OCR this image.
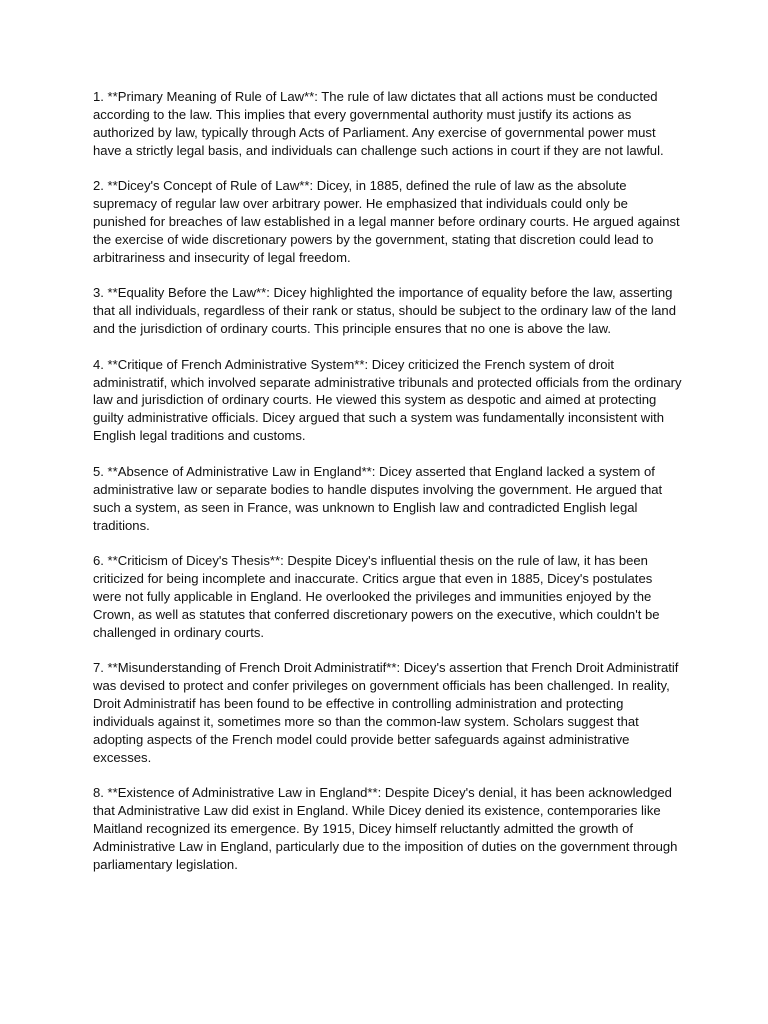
1. **Primary Meaning of Rule of Law**: The rule of law dictates that all actions must be conducted according to the law. This implies that every governmental authority must justify its actions as authorized by law, typically through Acts of Parliament. Any exercise of governmental power must have a strictly legal basis, and individuals can challenge such actions in court if they are not lawful.

2. **Dicey's Concept of Rule of Law**: Dicey, in 1885, defined the rule of law as the absolute supremacy of regular law over arbitrary power. He emphasized that individuals could only be punished for breaches of law established in a legal manner before ordinary courts. He argued against the exercise of wide discretionary powers by the government, stating that discretion could lead to arbitrariness and insecurity of legal freedom.

3. **Equality Before the Law**: Dicey highlighted the importance of equality before the law, asserting that all individuals, regardless of their rank or status, should be subject to the ordinary law of the land and the jurisdiction of ordinary courts. This principle ensures that no one is above the law.

4. **Critique of French Administrative System**: Dicey criticized the French system of droit administratif, which involved separate administrative tribunals and protected officials from the ordinary law and jurisdiction of ordinary courts. He viewed this system as despotic and aimed at protecting guilty administrative officials. Dicey argued that such a system was fundamentally inconsistent with English legal traditions and customs.

5. **Absence of Administrative Law in England**: Dicey asserted that England lacked a system of administrative law or separate bodies to handle disputes involving the government. He argued that such a system, as seen in France, was unknown to English law and contradicted English legal traditions.

6. **Criticism of Dicey's Thesis**: Despite Dicey's influential thesis on the rule of law, it has been criticized for being incomplete and inaccurate. Critics argue that even in 1885, Dicey's postulates were not fully applicable in England. He overlooked the privileges and immunities enjoyed by the Crown, as well as statutes that conferred discretionary powers on the executive, which couldn't be challenged in ordinary courts.

7. **Misunderstanding of French Droit Administratif**: Dicey's assertion that French Droit Administratif was devised to protect and confer privileges on government officials has been challenged. In reality, Droit Administratif has been found to be effective in controlling administration and protecting individuals against it, sometimes more so than the common-law system. Scholars suggest that adopting aspects of the French model could provide better safeguards against administrative excesses.

8. **Existence of Administrative Law in England**: Despite Dicey's denial, it has been acknowledged that Administrative Law did exist in England. While Dicey denied its existence, contemporaries like Maitland recognized its emergence. By 1915, Dicey himself reluctantly admitted the growth of Administrative Law in England, particularly due to the imposition of duties on the government through parliamentary legislation.
